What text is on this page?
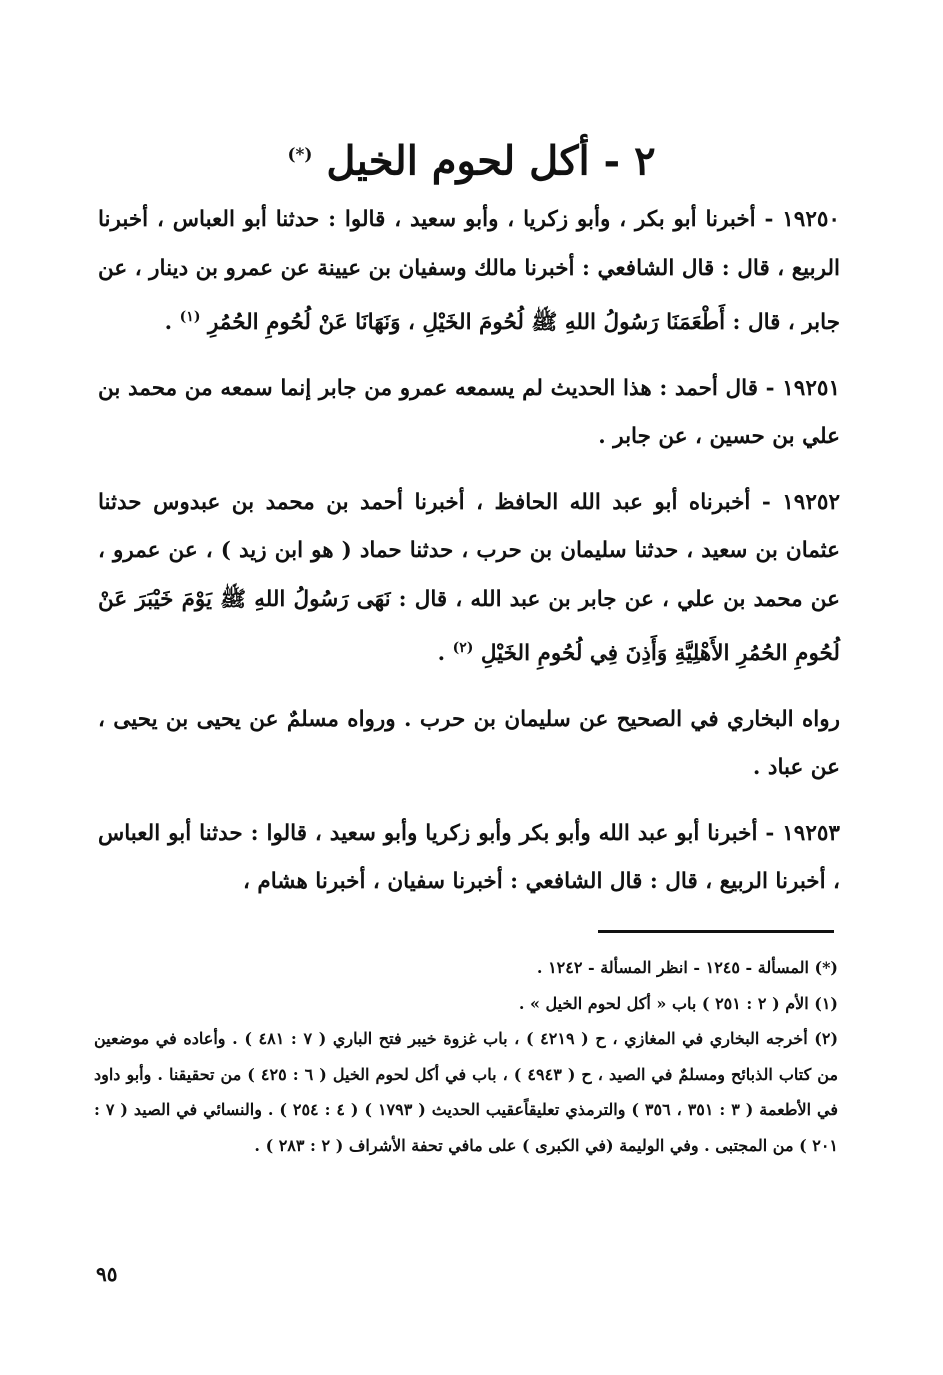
٢ - أكل لحوم الخيل (*)

١٩٢٥٠ - أخبرنا أبو بكر ، وأبو زكريا ، وأبو سعيد ، قالوا : حدثنا أبو العباس ، أخبرنا الربيع ، قال : قال الشافعي : أخبرنا مالك وسفيان بن عيينة عن عمرو بن دينار ، عن جابر ، قال : أَطْعَمَنَا رَسُولُ اللهِ ﷺ لُحُومَ الخَيْلِ ، وَنَهَانَا عَنْ لُحُومِ الحُمُرِ $^{(١)}$ .

١٩٢٥١ - قال أحمد : هذا الحديث لم يسمعه عمرو من جابر إنما سمعه من محمد بن علي بن حسين ، عن جابر .

١٩٢٥٢ - أخبرناه أبو عبد الله الحافظ ، أخبرنا أحمد بن محمد بن عبدوس حدثنا عثمان بن سعيد ، حدثنا سليمان بن حرب ، حدثنا حماد ( هو ابن زيد ) ، عن عمرو ، عن محمد بن علي ، عن جابر بن عبد الله ، قال : نَهَى رَسُولُ اللهِ ﷺ يَوْمَ خَيْبَرَ عَنْ لُحُومِ الحُمُرِ الأَهْلِيَّةِ وَأَذِنَ فِي لُحُومِ الخَيْلِ $^{(٢)}$ .

رواه البخاري في الصحيح عن سليمان بن حرب . ورواه مسلمٌ عن يحيى بن يحيى ، عن عباد .

١٩٢٥٣ - أخبرنا أبو عبد الله وأبو بكر وأبو زكريا وأبو سعيد ، قالوا : حدثنا أبو العباس ، أخبرنا الربيع ، قال : قال الشافعي : أخبرنا سفيان ، أخبرنا هشام ،

(*) المسألة - ١٢٤٥ - انظر المسألة - ١٢٤٢ .

(١) الأم ( ٢ : ٢٥١ ) باب « أكل لحوم الخيل » .

(٢) أخرجه البخاري في المغازي ، ح ( ٤٢١٩ ) ، باب غزوة خيبر فتح الباري ( ٧ : ٤٨١ ) . وأعاده في موضعين من كتاب الذبائح ومسلمٌ في الصيد ، ح ( ٤٩٤٣ ) ، باب في أكل لحوم الخيل ( ٦ : ٤٢٥ ) من تحقيقنا . وأبو داود في الأطعمة ( ٣ : ٣٥١ ، ٣٥٦ ) والترمذي تعليقاًعقيب الحديث ( ١٧٩٣ ) ( ٤ : ٢٥٤ ) . والنسائي في الصيد ( ٧ : ٢٠١ ) من المجتبى . وفي الوليمة (في الكبرى ) على مافي تحفة الأشراف ( ٢ : ٢٨٣ ) .

٩٥
